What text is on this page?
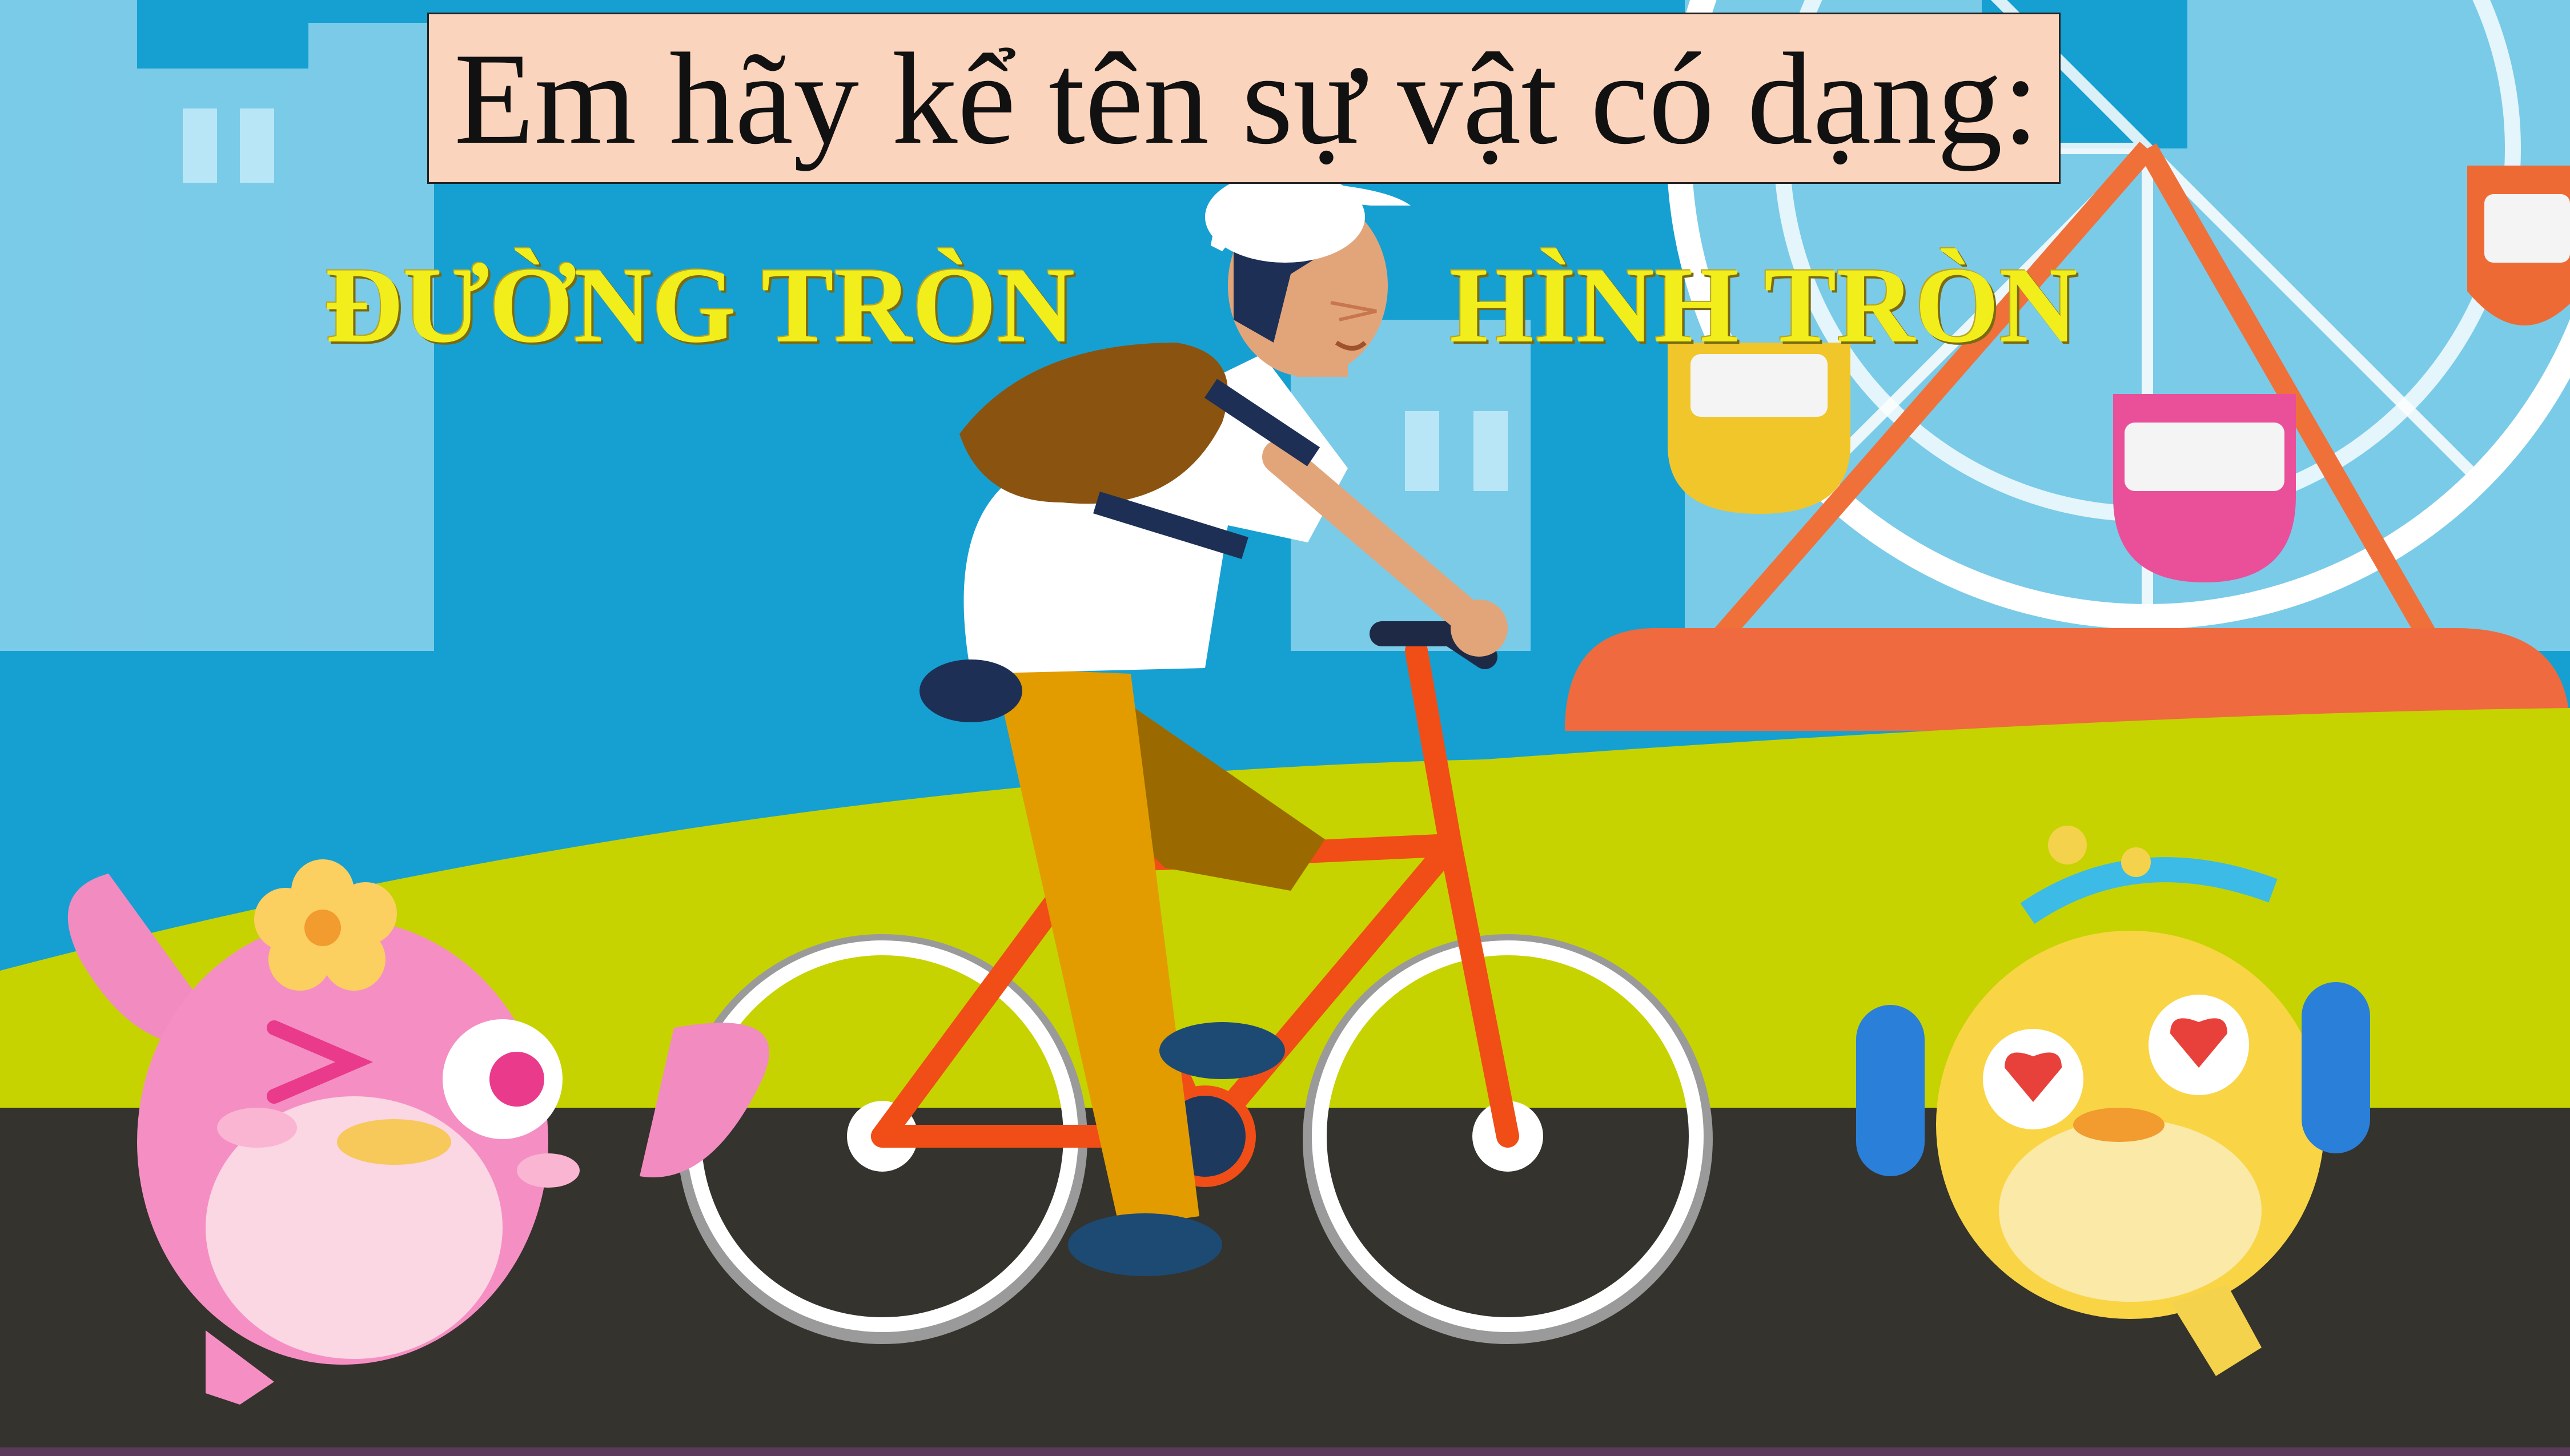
Em hãy kể tên sự vật có dạng:
ĐƯỜNG TRÒN	HÌNH TRÒN
